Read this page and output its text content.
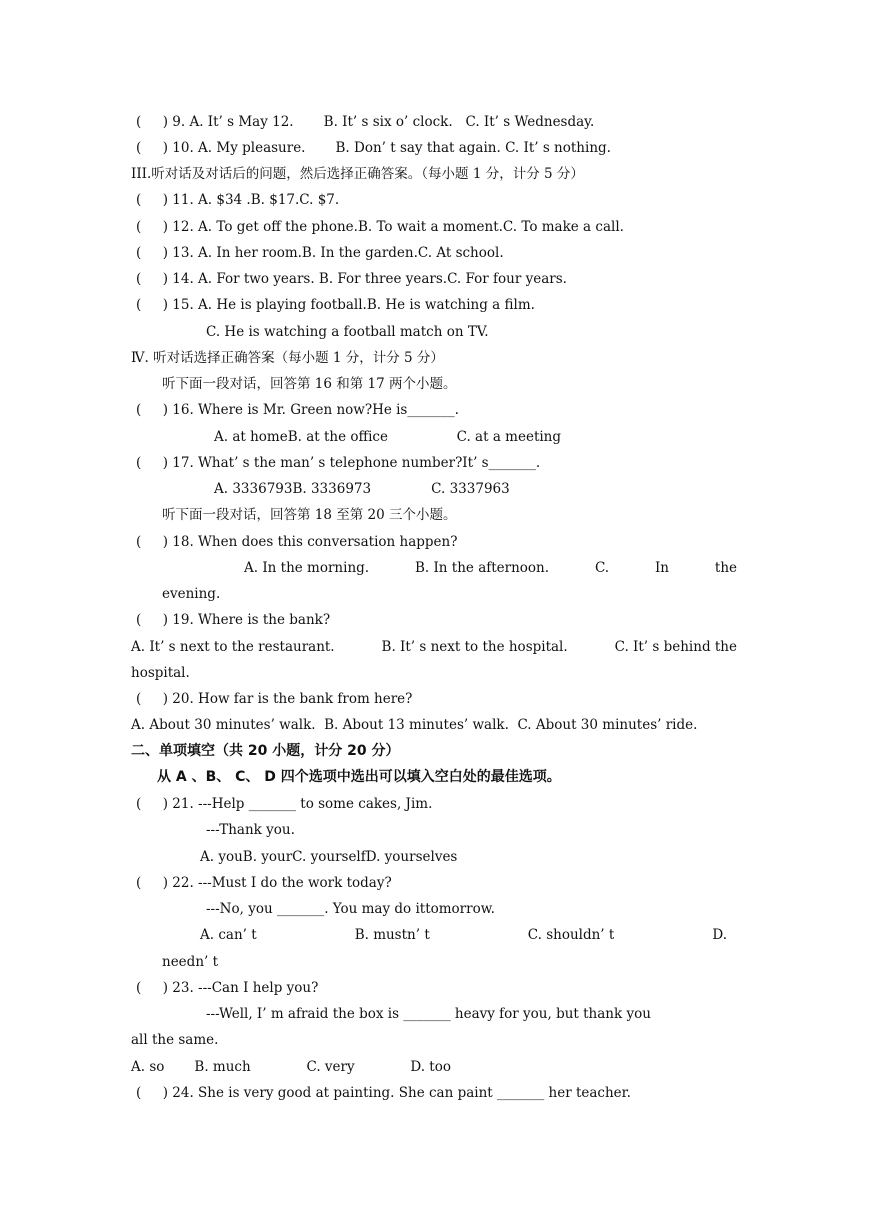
(     ) 9. A. It’ s May 12.       B. It’ s six o’ clock.   C. It’ s Wednesday.
(     ) 10. A. My pleasure.       B. Don’ t say that again. C. It’ s nothing.
III.听对话及对话后的问题，然后选择正确答案。（每小题 1 分，计分 5 分）
(     ) 11. A. $34 .B. $17.C. $7.
(     ) 12. A. To get off the phone.B. To wait a moment.C. To make a call.
(     ) 13. A. In her room.B. In the garden.C. At school.
(     ) 14. A. For two years. B. For three years.C. For four years.
(     ) 15. A. He is playing football.B. He is watching a film.
C. He is watching a football match on TV.
Ⅳ. 听对话选择正确答案（每小题 1 分，计分 5 分）
听下面一段对话，回答第 16 和第 17 两个小题。
(     ) 16. Where is Mr. Green now?He is_______.
A. at homeB. at the office                C. at a meeting
(     ) 17. What’ s the man’ s telephone number?It’ s_______.
A. 3336793B. 3336973              C. 3337963
听下面一段对话，回答第 18 至第 20 三个小题。
(     ) 18. When does this conversation happen?
A. In the morning.	B. In the afternoon.	C.	In	the
evening.
(     ) 19. Where is the bank?
A. It’ s next to the restaurant.	B. It’ s next to the hospital.	C. It’ s behind the
hospital.
(     ) 20. How far is the bank from here?
A. About 30 minutes’ walk.  B. About 13 minutes’ walk.  C. About 30 minutes’ ride.
二、单项填空（共 20 小题，计分 20 分）
从 A 、B、 C、 D 四个选项中选出可以填入空白处的最佳选项。
(     ) 21. ---Help _______ to some cakes, Jim.
---Thank you.
A. youB. yourC. yourselfD. yourselves
(     ) 22. ---Must I do the work today?
---No, you _______. You may do ittomorrow.
A. can’ t	B. mustn’ t	C. shouldn’ t	D.
needn’ t
(     ) 23. ---Can I help you?
---Well, I’ m afraid the box is _______ heavy for you, but thank you
all the same.
A. so       B. much             C. very             D. too
(     ) 24. She is very good at painting. She can paint _______ her teacher.
